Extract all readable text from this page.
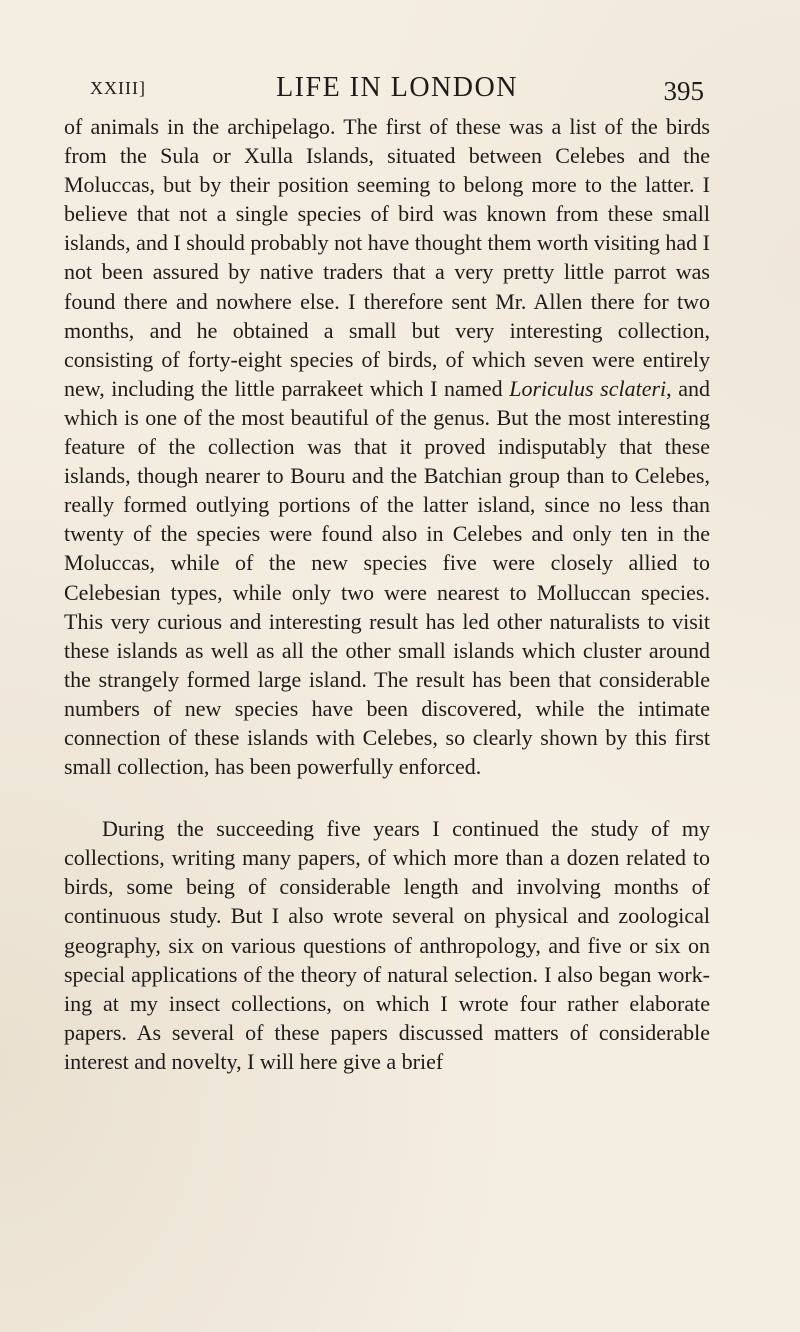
XXIII]	LIFE IN LONDON	395

of animals in the archipelago. The first of these was a list of the birds from the Sula or Xulla Islands, situated between Celebes and the Moluccas, but by their position seeming to belong more to the latter. I believe that not a single species of bird was known from these small islands, and I should probably not have thought them worth visiting had I not been assured by native traders that a very pretty little parrot was found there and nowhere else. I therefore sent Mr. Allen there for two months, and he obtained a small but very interesting collection, consisting of forty-eight species of birds, of which seven were entirely new, including the little parrakeet which I named Loriculus sclateri, and which is one of the most beautiful of the genus. But the most interesting feature of the collection was that it proved indisputably that these islands, though nearer to Bouru and the Batchian group than to Celebes, really formed outlying portions of the latter island, since no less than twenty of the species were found also in Celebes and only ten in the Moluccas, while of the new species five were closely allied to Celebesian types, while only two were nearest to Molluccan species. This very curious and interesting result has led other naturalists to visit these islands as well as all the other small islands which cluster around the strangely formed large island. The result has been that considerable numbers of new species have been discovered, while the intimate connection of these islands with Celebes, so clearly shown by this first small collection, has been powerfully enforced.

During the succeeding five years I continued the study of my collections, writing many papers, of which more than a dozen related to birds, some being of considerable length and involving months of continuous study. But I also wrote several on physical and zoological geography, six on various questions of anthropology, and five or six on special applications of the theory of natural selection. I also began working at my insect collections, on which I wrote four rather elaborate papers. As several of these papers discussed matters of considerable interest and novelty, I will here give a brief
